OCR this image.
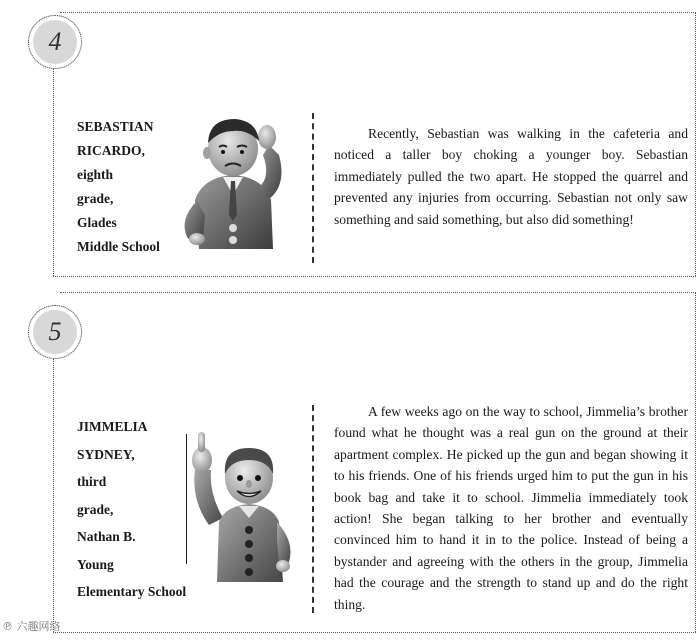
4
SEBASTIAN
RICARDO,
eighth
grade,
Glades
Middle School
Recently, Sebastian was walking in the cafeteria and noticed a taller boy choking a younger boy. Sebastian immediately pulled the two apart. He stopped the quarrel and prevented any injuries from occurring. Sebastian not only saw something and said something, but also did something!
5
JIMMELIA
SYDNEY,
third
grade,
Nathan B.
Young
Elementary School
A few weeks ago on the way to school, Jimmelia’s brother found what he thought was a real gun on the ground at their apartment complex. He picked up the gun and began showing it to his friends. One of his friends urged him to put the gun in his book bag and take it to school. Jimmelia immediately took action! She began talking to her brother and eventually convinced him to hand it in to the police. Instead of being a bystander and agreeing with the others in the group, Jimmelia had the courage and the strength to stand up and do the right thing.
℗ 六趣网络
